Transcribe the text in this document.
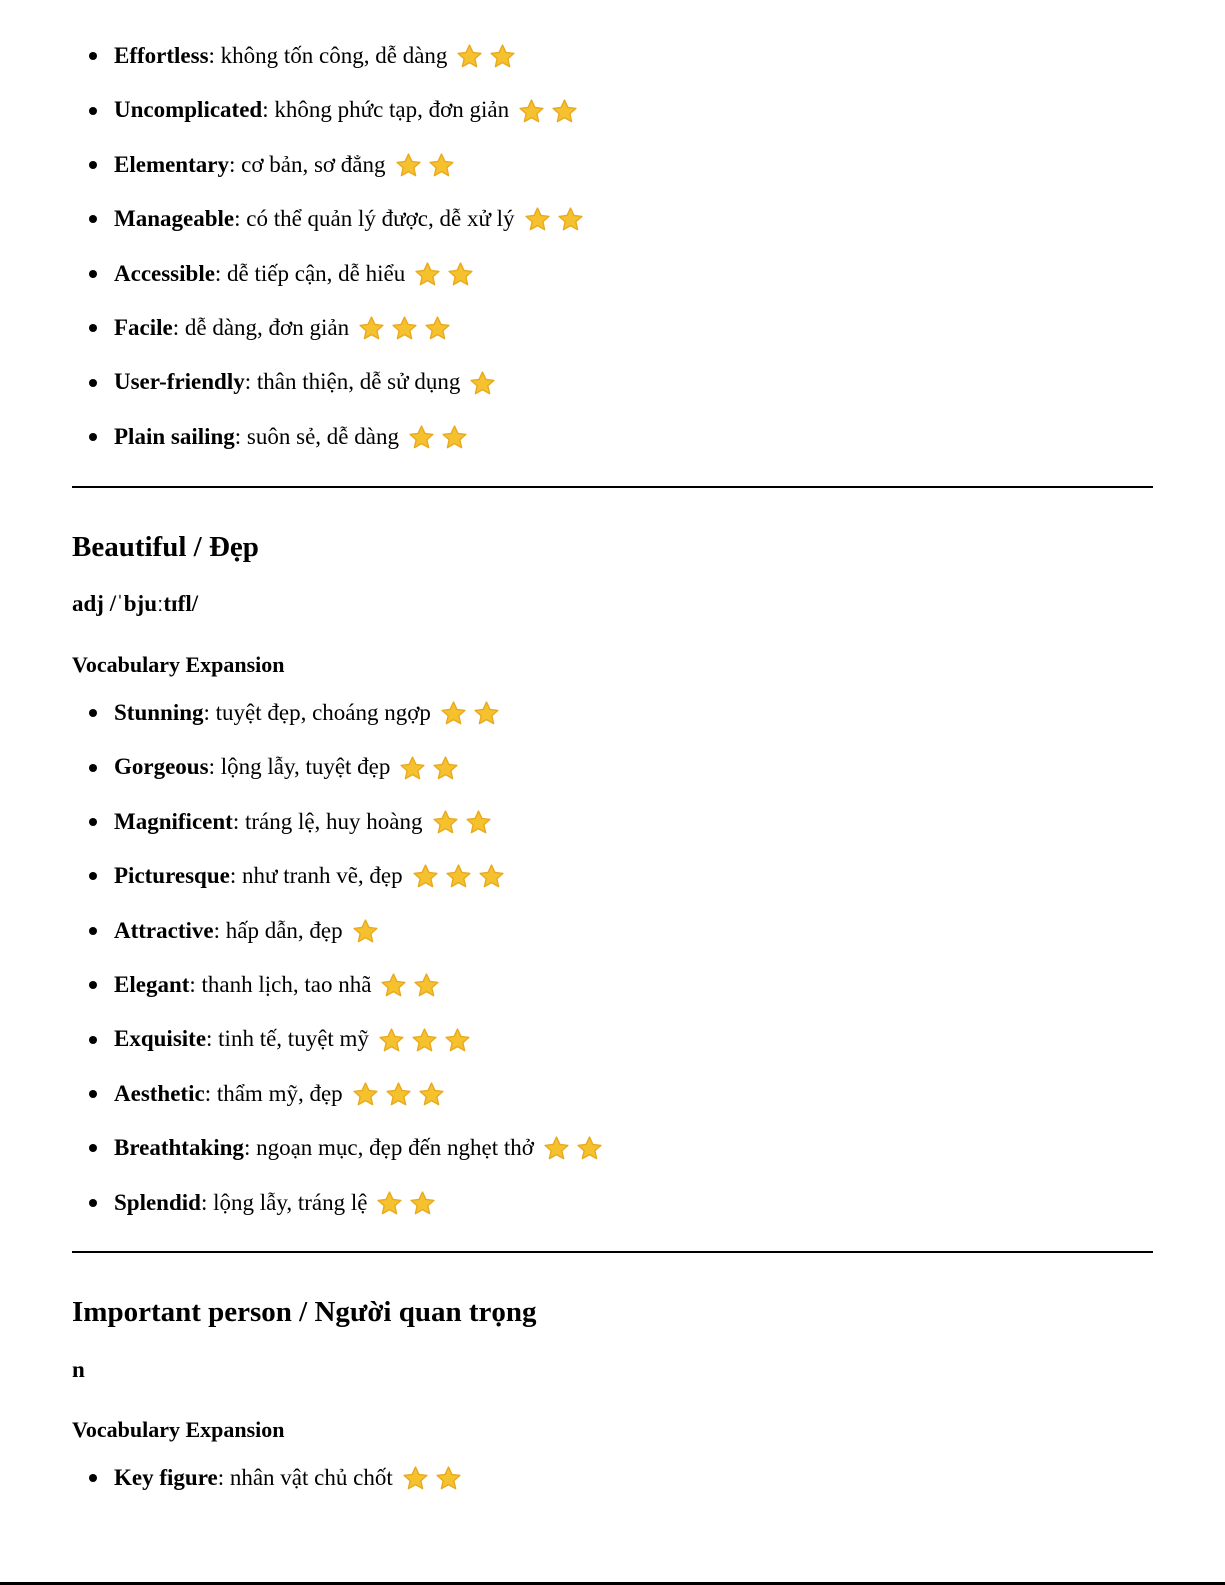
Effortless: không tốn công, dễ dàng
Uncomplicated: không phức tạp, đơn giản
Elementary: cơ bản, sơ đẳng
Manageable: có thể quản lý được, dễ xử lý
Accessible: dễ tiếp cận, dễ hiểu
Facile: dễ dàng, đơn giản
User-friendly: thân thiện, dễ sử dụng
Plain sailing: suôn sẻ, dễ dàng
Beautiful / Đẹp
adj /ˈbjuːtɪfl/
Vocabulary Expansion
Stunning: tuyệt đẹp, choáng ngợp
Gorgeous: lộng lẫy, tuyệt đẹp
Magnificent: tráng lệ, huy hoàng
Picturesque: như tranh vẽ, đẹp
Attractive: hấp dẫn, đẹp
Elegant: thanh lịch, tao nhã
Exquisite: tinh tế, tuyệt mỹ
Aesthetic: thẩm mỹ, đẹp
Breathtaking: ngoạn mục, đẹp đến nghẹt thở
Splendid: lộng lẫy, tráng lệ
Important person / Người quan trọng
n
Vocabulary Expansion
Key figure: nhân vật chủ chốt
